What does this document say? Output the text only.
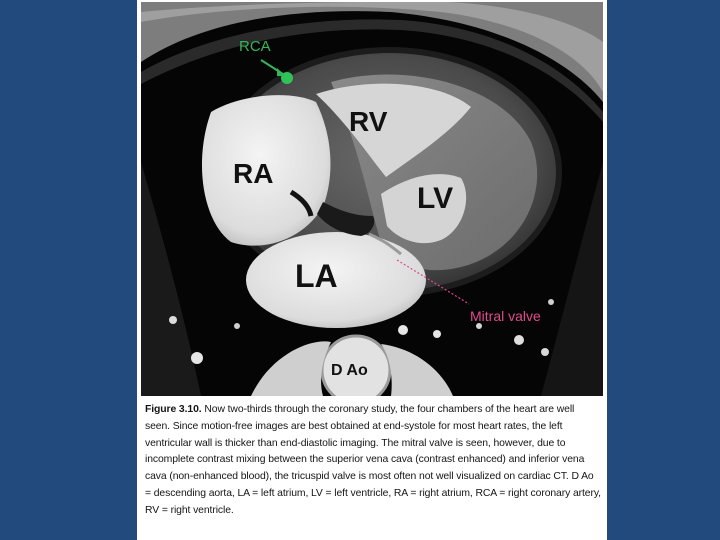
RCA
RV
RA
LV
LA
Mitral valve
D Ao
Figure 3.10. Now two-thirds through the coronary study, the four chambers of the heart are well seen. Since motion-free images are best obtained at end-systole for most heart rates, the left ventricular wall is thicker than end-diastolic imaging. The mitral valve is seen, however, due to incomplete contrast mixing between the superior vena cava (contrast enhanced) and inferior vena cava (non-enhanced blood), the tricuspid valve is most often not well visualized on cardiac CT. D Ao = descending aorta, LA = left atrium, LV = left ventricle, RA = right atrium, RCA = right coronary artery, RV = right ventricle.
